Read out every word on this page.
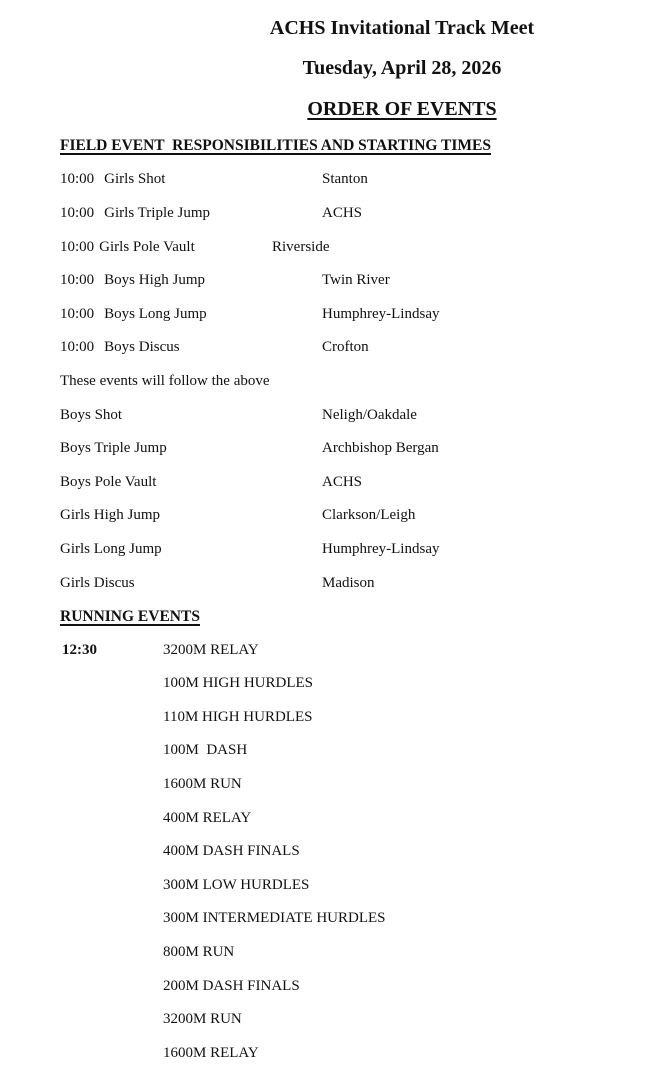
ACHS Invitational Track Meet
Tuesday, April 28, 2026
ORDER OF EVENTS
FIELD EVENT  RESPONSIBILITIES AND STARTING TIMES
10:00 Girls Shot	Stanton
10:00 Girls Triple Jump	ACHS
10:00 Girls Pole Vault	Riverside
10:00 Boys High Jump	Twin River
10:00 Boys Long Jump	Humphrey-Lindsay
10:00 Boys Discus	Crofton
These events will follow the above
Boys Shot	Neligh/Oakdale
Boys Triple Jump	Archbishop Bergan
Boys Pole Vault	ACHS
Girls High Jump	Clarkson/Leigh
Girls Long Jump	Humphrey-Lindsay
Girls Discus	Madison
RUNNING EVENTS
12:30	3200M RELAY
100M HIGH HURDLES
110M HIGH HURDLES
100M  DASH
1600M RUN
400M RELAY
400M DASH FINALS
300M LOW HURDLES
300M INTERMEDIATE HURDLES
800M RUN
200M DASH FINALS
3200M RUN
1600M RELAY
